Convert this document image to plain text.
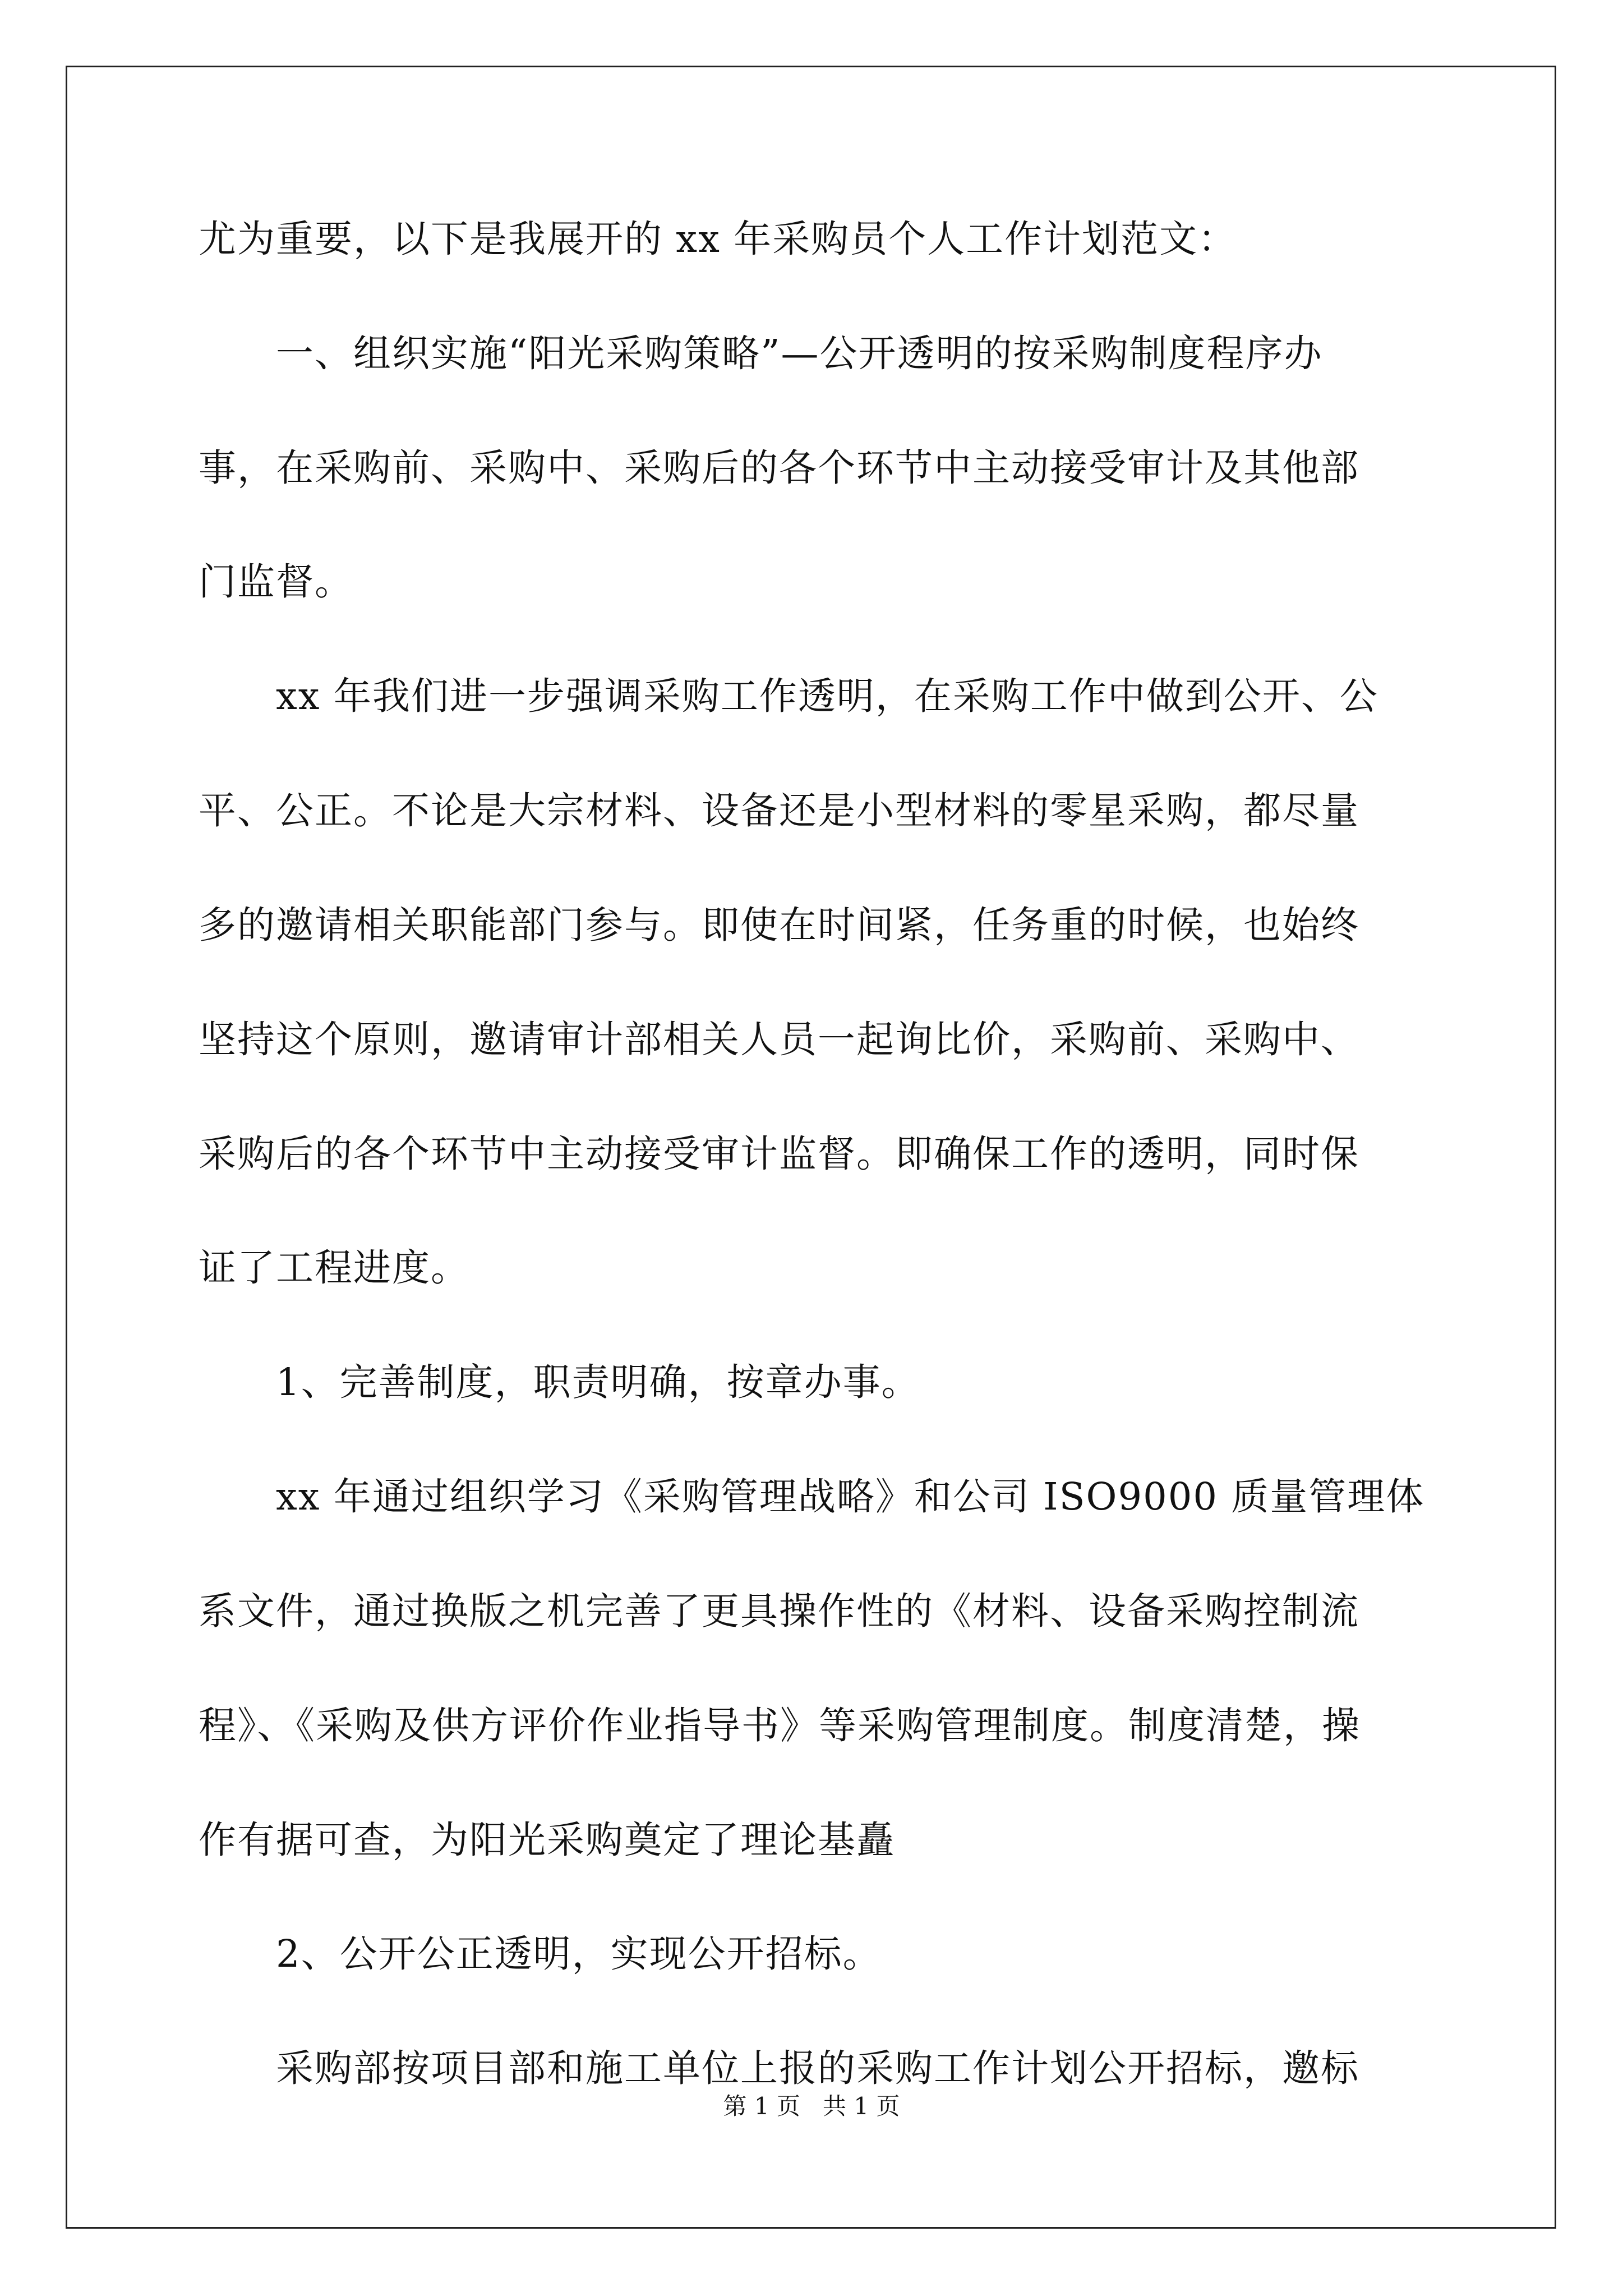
尤为重要，以下是我展开的 xx 年采购员个人工作计划范文：
　　一、组织实施“阳光采购策略”—公开透明的按采购制度程序办
事，在采购前、采购中、采购后的各个环节中主动接受审计及其他部
门监督。
　　xx 年我们进一步强调采购工作透明，在采购工作中做到公开、公
平、公正。不论是大宗材料、设备还是小型材料的零星采购，都尽量
多的邀请相关职能部门参与。即使在时间紧，任务重的时候，也始终
坚持这个原则，邀请审计部相关人员一起询比价，采购前、采购中、
采购后的各个环节中主动接受审计监督。即确保工作的透明，同时保
证了工程进度。
　　1、完善制度，职责明确，按章办事。
　　xx 年通过组织学习《采购管理战略》和公司 ISO9000 质量管理体
系文件，通过换版之机完善了更具操作性的《材料、设备采购控制流
程》、《采购及供方评价作业指导书》等采购管理制度。制度清楚，操
作有据可查，为阳光采购奠定了理论基矗
　　2、公开公正透明，实现公开招标。
　　采购部按项目部和施工单位上报的采购工作计划公开招标，邀标
第 1 页   共 1 页
